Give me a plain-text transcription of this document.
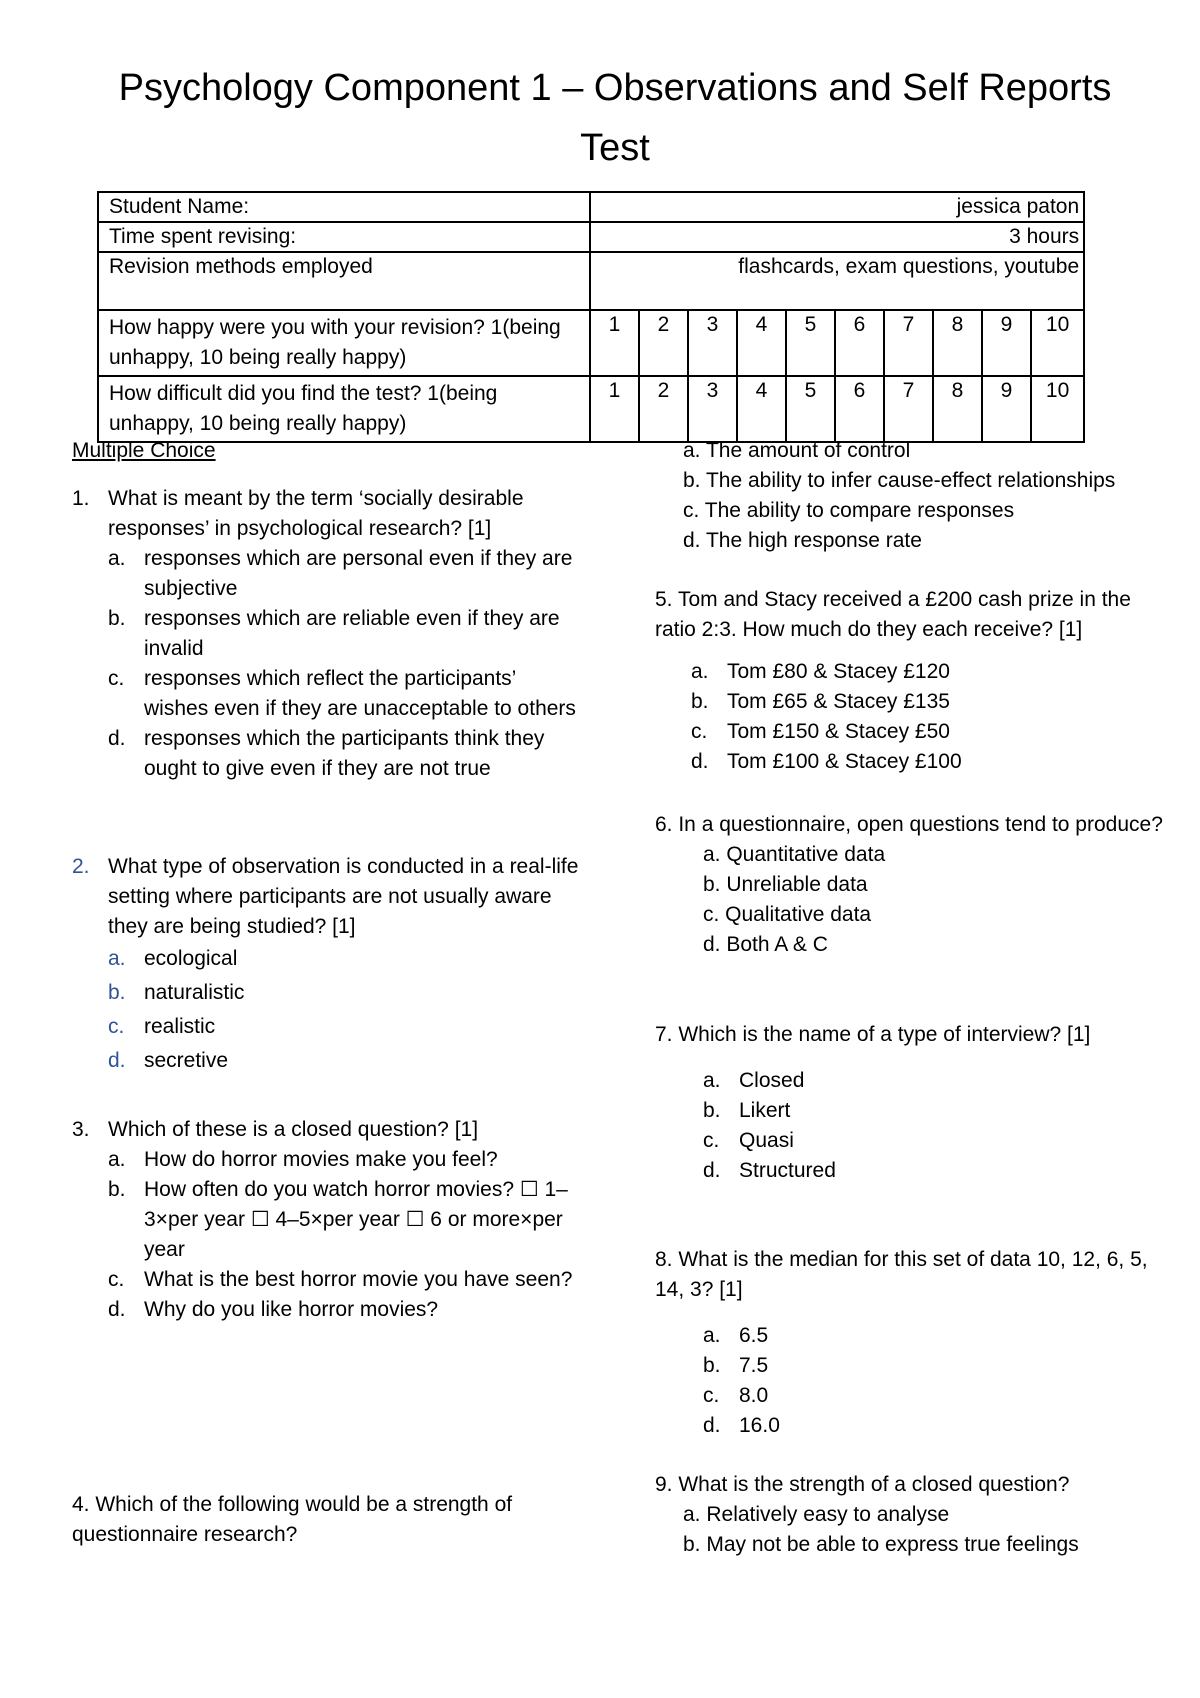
Psychology Component 1 – Observations and Self Reports
Test
Student Name:	jessica paton									
Time spent revising:	3 hours									
Revision methods employed	flashcards, exam questions, youtube									
How happy were you with your revision? 1(being unhappy, 10 being really happy)	1	2	3	4	5	6	7	8	9	10
How difficult did you find the test? 1(being unhappy, 10 being really happy)	1	2	3	4	5	6	7	8	9	10
Multiple Choice
1. What is meant by the term ‘socially desirable responses’ in psychological research? [1]
a. responses which are personal even if they are subjective
b. responses which are reliable even if they are invalid
c. responses which reflect the participants’ wishes even if they are unacceptable to others
d. responses which the participants think they ought to give even if they are not true
2. What type of observation is conducted in a real-life setting where participants are not usually aware they are being studied? [1]
a. ecological
b. naturalistic
c. realistic
d. secretive
3. Which of these is a closed question? [1]
a. How do horror movies make you feel?
b. How often do you watch horror movies? ☐ 1–3×per year ☐ 4–5×per year ☐ 6 or more×per year
c. What is the best horror movie you have seen?
d. Why do you like horror movies?
4. Which of the following would be a strength of questionnaire research?
a. The amount of control
b. The ability to infer cause-effect relationships
c. The ability to compare responses
d. The high response rate
5. Tom and Stacy received a £200 cash prize in the ratio 2:3. How much do they each receive? [1]
a. Tom £80 & Stacey £120
b. Tom £65 & Stacey £135
c. Tom £150 & Stacey £50
d. Tom £100 & Stacey £100
6. In a questionnaire, open questions tend to produce?
a. Quantitative data
b. Unreliable data
c. Qualitative data
d. Both A & C
7. Which is the name of a type of interview? [1]
a. Closed
b. Likert
c. Quasi
d. Structured
8. What is the median for this set of data 10, 12, 6, 5, 14, 3? [1]
a. 6.5
b. 7.5
c. 8.0
d. 16.0
9. What is the strength of a closed question?
a. Relatively easy to analyse
b. May not be able to express true feelings
